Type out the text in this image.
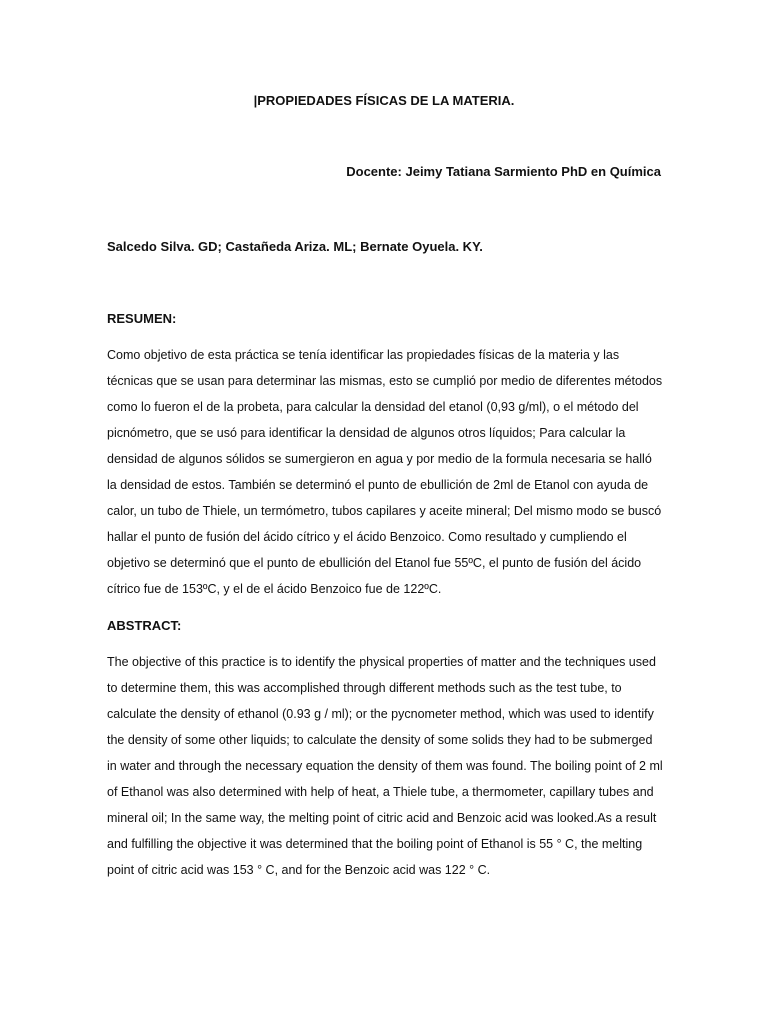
|PROPIEDADES FÍSICAS DE LA MATERIA.

Docente: Jeimy Tatiana Sarmiento PhD en Química

Salcedo Silva. GD; Castañeda Ariza. ML; Bernate Oyuela. KY.

RESUMEN:

Como objetivo de esta práctica se tenía identificar las propiedades físicas de la materia y las técnicas que se usan para determinar las mismas, esto se cumplió por medio de diferentes métodos como lo fueron el de la probeta, para calcular la densidad del etanol (0,93 g/ml), o el método del picnómetro, que se usó para identificar la densidad de algunos otros líquidos; Para calcular la densidad de algunos sólidos se sumergieron en agua y por medio de la formula necesaria se halló la densidad de estos. También se determinó el punto de ebullición de 2ml de Etanol con ayuda de calor, un tubo de Thiele, un termómetro, tubos capilares y aceite mineral; Del mismo modo se buscó hallar el punto de fusión del ácido cítrico y el ácido Benzoico. Como resultado y cumpliendo el objetivo se determinó que el punto de ebullición del Etanol fue 55ºC, el punto de fusión del ácido cítrico fue de 153ºC, y el de el ácido Benzoico fue de 122ºC.

ABSTRACT:

The objective of this practice is to identify the physical properties of matter and the techniques used to determine them, this was accomplished through different methods such as the test tube, to calculate the density of ethanol (0.93 g / ml); or the pycnometer method, which was used to identify the density of some other liquids; to calculate the density of some solids they had to be submerged in water and through the necessary equation the density of them was found. The boiling point of 2 ml of Ethanol was also determined with help of heat, a Thiele tube, a thermometer, capillary tubes and mineral oil; In the same way, the melting point of citric acid and Benzoic acid was looked.As a result and fulfilling the objective it was determined that the boiling point of Ethanol is 55 ° C, the melting point of citric acid was 153 ° C, and for the Benzoic acid was 122 ° C.
